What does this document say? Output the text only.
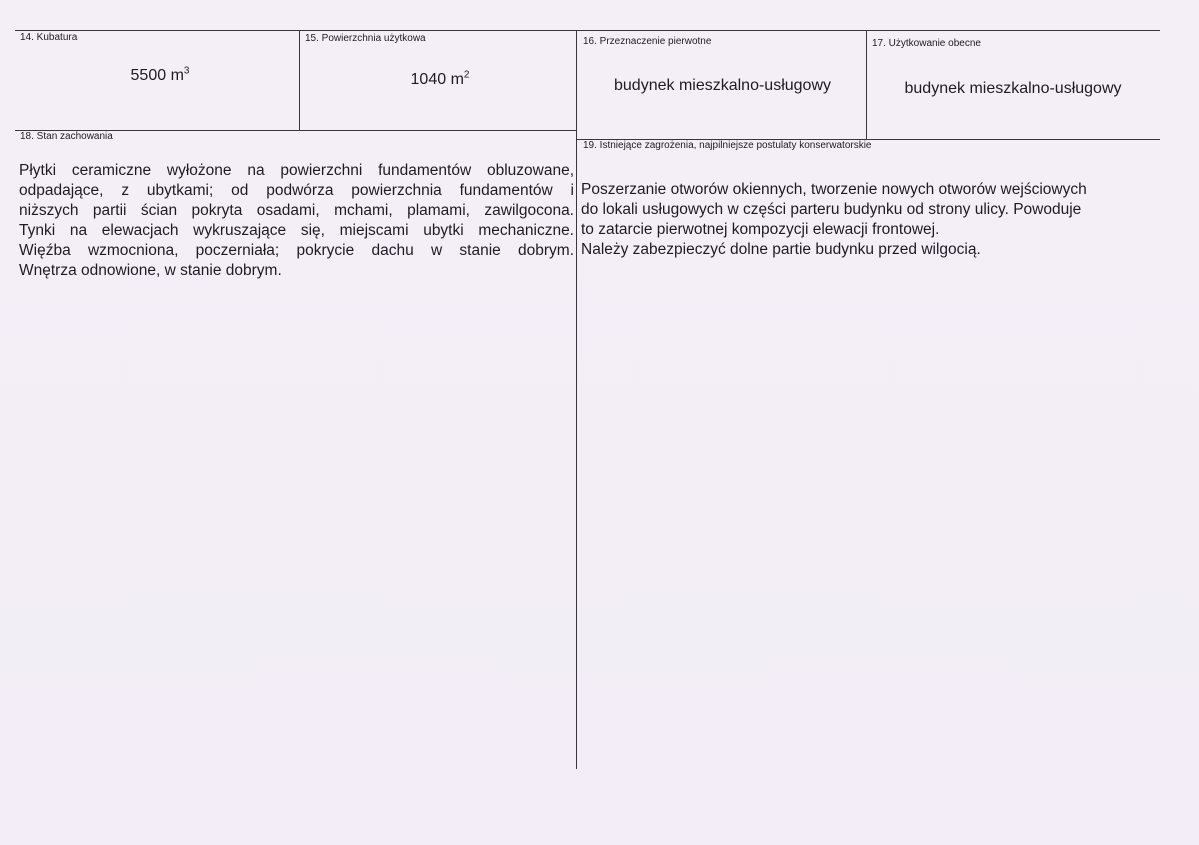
14. Kubatura
5500 $m^3$
15. Powierzchnia użytkowa
1040 $m^2$
16. Przeznaczenie pierwotne
budynek mieszkalno-usługowy
17. Użytkowanie obecne
budynek mieszkalno-usługowy
18. Stan zachowania
Płytki ceramiczne wyłożone na powierzchni fundamentów obluzowane,
odpadające, z ubytkami; od podwórza powierzchnia fundamentów i
niższych partii ścian pokryta osadami, mchami, plamami, zawilgocona.
Tynki na elewacjach wykruszające się, miejscami ubytki mechaniczne.
Więźba wzmocniona, poczerniała; pokrycie dachu w stanie dobrym.
Wnętrza odnowione, w stanie dobrym.
19. Istniejące zagrożenia, najpilniejsze postulaty konserwatorskie
Poszerzanie otworów okiennych, tworzenie nowych otworów wejściowych
do lokali usługowych w części parteru budynku od strony ulicy. Powoduje
to zatarcie pierwotnej kompozycji elewacji frontowej.
Należy zabezpieczyć dolne partie budynku przed wilgocią.
